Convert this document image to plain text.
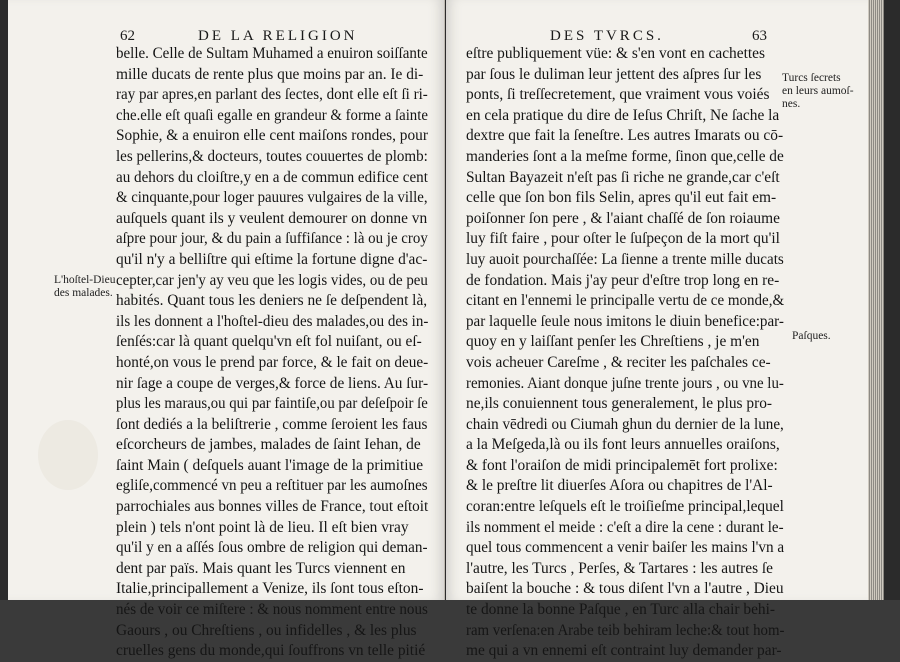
62	DE LA RELIGION
belle. Celle de Sultam Muhamed a enuiron soiſſante
mille ducats de rente plus que moins par an. Ie di-
ray par apres,en parlant des ſectes, dont elle eſt ſi ri-
che.elle eſt quaſi egalle en grandeur & forme a ſainte
Sophie, & a enuiron elle cent maiſons rondes, pour
les pellerins,& docteurs, toutes couuertes de plomb:
au dehors du cloiſtre,y en a de commun edifice cent
& cinquante,pour loger pauures vulgaires de la ville,
auſquels quant ils y veulent demourer on donne vn
aſpre pour jour, & du pain a ſuffiſance : là ou je croy
qu'il n'y a belliſtre qui eſtime la fortune digne d'ac-
cepter,car jen'y ay veu que les logis vides, ou de peu
habités. Quant tous les deniers ne ſe deſpendent là,
ils les donnent a l'hoſtel-dieu des malades,ou des in-
ſenſés:car là quant quelqu'vn eſt fol nuiſant, ou eſ-
honté,on vous le prend par force, & le fait on deue-
nir ſage a coupe de verges,& force de liens. Au ſur-
plus les maraus,ou qui par faintiſe,ou par deſeſpoir ſe
ſont dediés a la beliſtrerie , comme ſeroient les faus
eſcorcheurs de jambes, malades de ſaint Iehan, de
ſaint Main ( deſquels auant l'image de la primitiue
egliſe,commencé vn peu a reſtituer par les aumoſnes
parrochiales aus bonnes villes de France, tout eſtoit
plein ) tels n'ont point là de lieu. Il eſt bien vray
qu'il y en a aſſés ſous ombre de religion qui deman-
dent par païs. Mais quant les Turcs viennent en
Italie,principallement a Venize, ils ſont tous eſton-
nés de voir ce miſtere : & nous nomment entre nous
Gaours , ou Chreſtiens , ou infidelles , & les plus
cruelles gens du monde,qui ſouffrons vn telle pitié
L'hoſtel-Dieu
des malades.
63
DES TVRCS.
eſtre publiquement vüe: & s'en vont en cachettes
par ſous le duliman leur jettent des aſpres ſur les
ponts, ſi treſſecretement, que vraiment vous voiés
en cela pratique du dire de Ieſus Chriſt, Ne ſache la
dextre que fait la ſeneſtre. Les autres Imarats ou cō-
manderies ſont a la meſme forme, ſinon que,celle de
Sultan Bayazeit n'eſt pas ſi riche ne grande,car c'eſt
celle que ſon bon fils Selin, apres qu'il eut fait em-
poiſonner ſon pere , & l'aiant chaſſé de ſon roiaume
luy fiſt faire , pour oſter le ſuſpeçon de la mort qu'il
luy auoit pourchaſſée: La ſienne a trente mille ducats
de fondation. Mais j'ay peur d'eſtre trop long en re-
citant en l'ennemi le principalle vertu de ce monde,&
par laquelle ſeule nous imitons le diuin benefice:par-
quoy en y laiſſant penſer les Chreſtiens , je m'en
vois acheuer Careſme , & reciter les paſchales ce-
remonies. Aiant donque juſne trente jours , ou vne lu-
ne,ils conuiennent tous generalement, le plus pro-
chain vēdredi ou Ciumah ghun du dernier de la lune,
a la Meſgeda,là ou ils font leurs annuelles oraiſons,
& font l'oraiſon de midi principalemēt fort prolixe:
& le preſtre lit diuerſes Aſora ou chapitres de l'Al-
coran:entre leſquels eſt le troiſieſme principal,lequel
ils nomment el meide : c'eſt a dire la cene : durant le-
quel tous commencent a venir baiſer les mains l'vn a
l'autre, les Turcs , Perſes, & Tartares : les autres ſe
baiſent la bouche : & tous diſent l'vn a l'autre , Dieu
te donne la bonne Paſque , en Turc alla chair behi-
ram verſena:en Arabe teib behiram leche:& tout hom-
me qui a vn ennemi eſt contraint luy demander par-
Turcs ſecrets
en leurs aumoſ-
nes.
Paſques.
